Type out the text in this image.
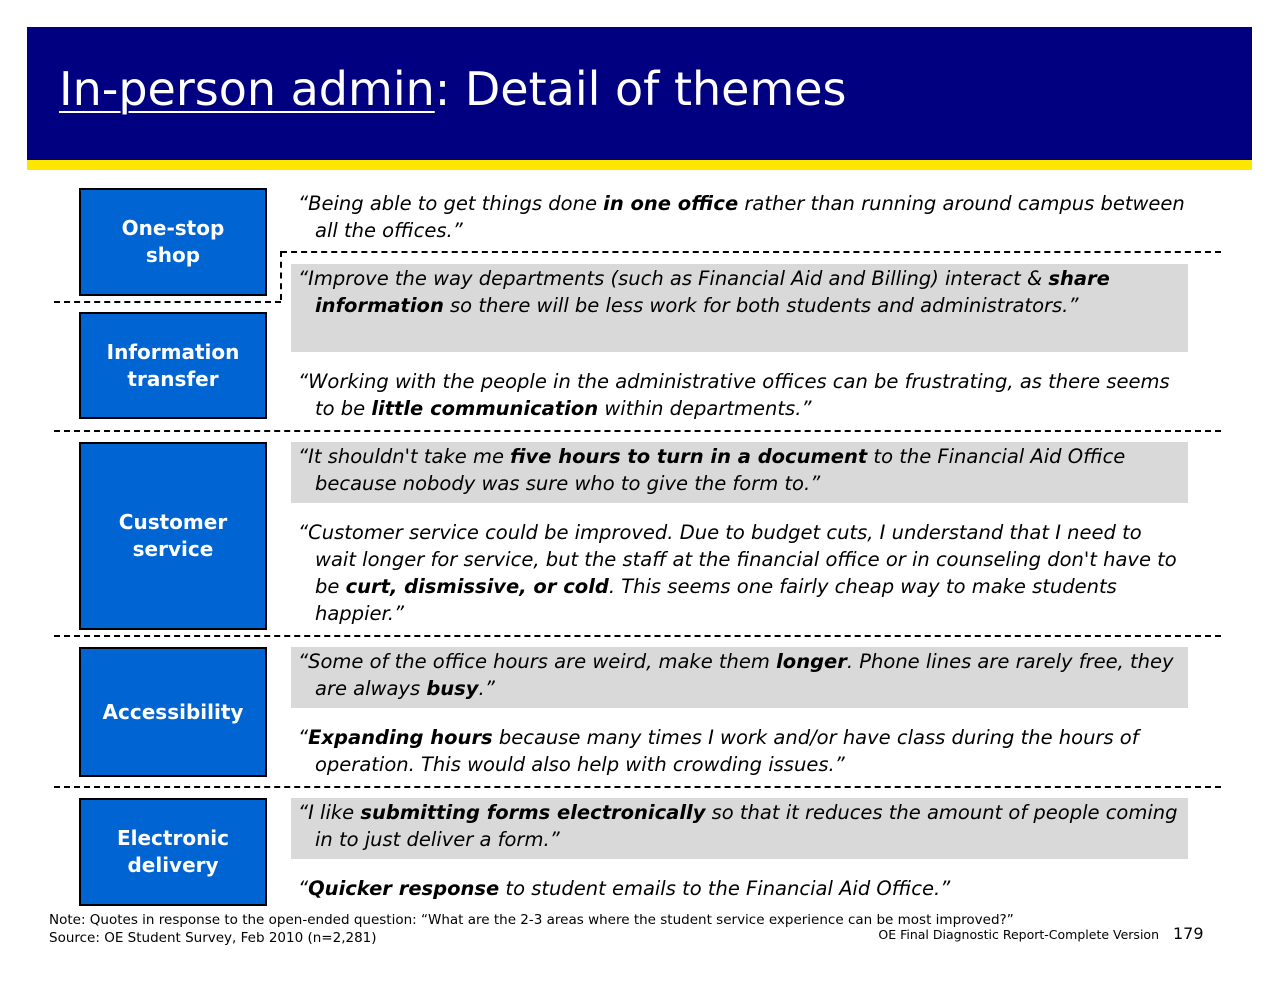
In-person admin: Detail of themes
One-stop
shop
Information
transfer
Customer
service
Accessibility
Electronic
delivery
“Being able to get things done in one office rather than running around campus between all the offices.”
“Improve the way departments (such as Financial Aid and Billing) interact & share information so there will be less work for both students and administrators.”
“Working with the people in the administrative offices can be frustrating, as there seems to be little communication within departments.”
“It shouldn't take me five hours to turn in a document to the Financial Aid Office because nobody was sure who to give the form to.”
“Customer service could be improved. Due to budget cuts, I understand that I need to wait longer for service, but the staff at the financial office or in counseling don't have to be curt, dismissive, or cold. This seems one fairly cheap way to make students happier.”
“Some of the office hours are weird, make them longer. Phone lines are rarely free, they are always busy.”
“Expanding hours because many times I work and/or have class during the hours of operation. This would also help with crowding issues.”
“I like submitting forms electronically so that it reduces the amount of people coming in to just deliver a form.”
“Quicker response to student emails to the Financial Aid Office.”
Note: Quotes in response to the open-ended question: “What are the 2-3 areas where the student service experience can be most improved?”
Source: OE Student Survey, Feb 2010 (n=2,281)	OE Final Diagnostic Report-Complete Version 179
